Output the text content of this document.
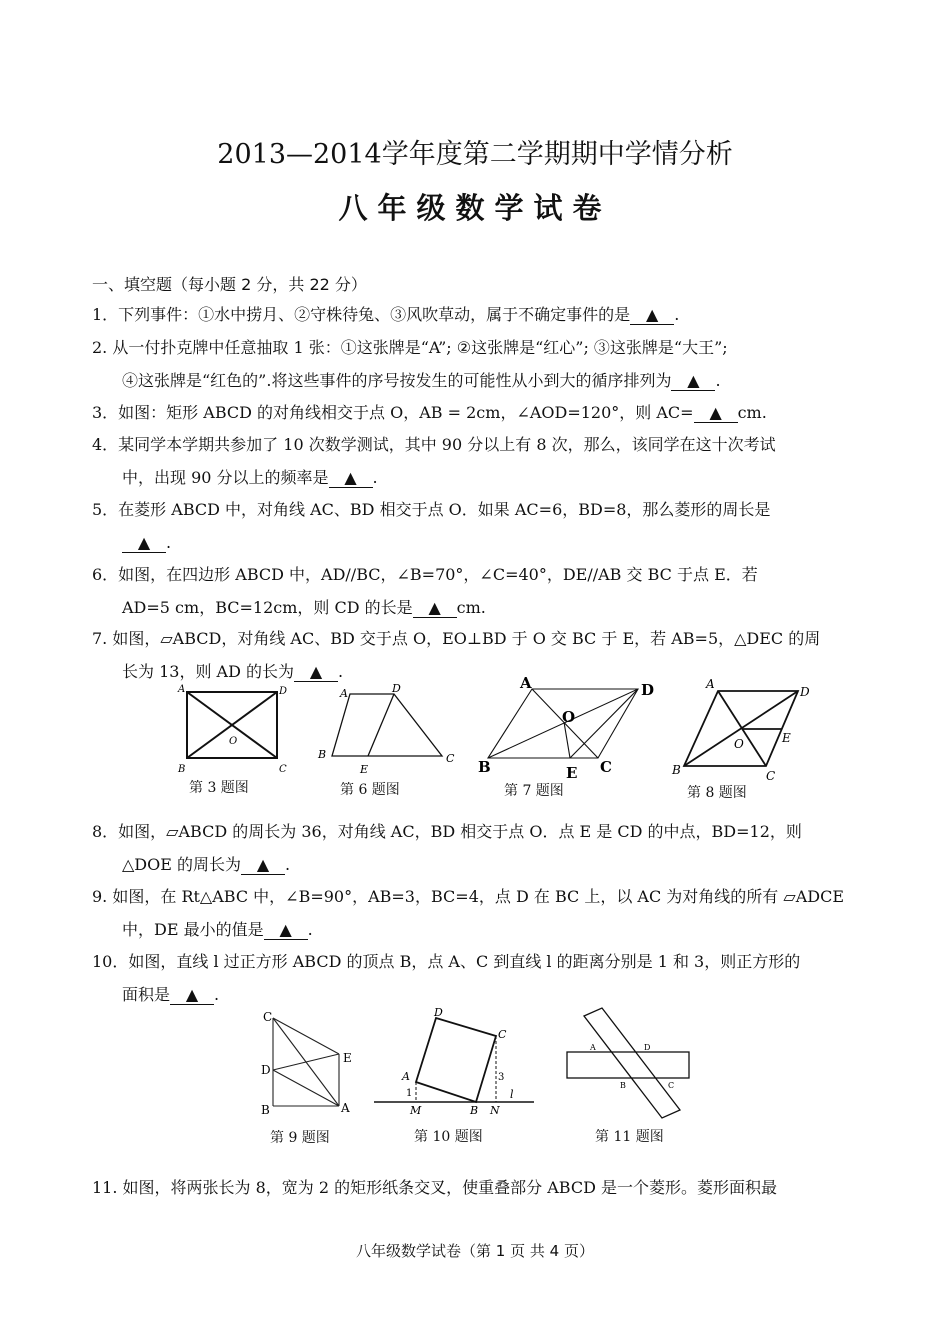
2013—2014学年度第二学期期中学情分析
八年级数学试卷
一、填空题（每小题 2 分，共 22 分）
1．下列事件：①水中捞月、②守株待兔、③风吹草动，属于不确定事件的是 ▲ .
2. 从一付扑克牌中任意抽取 1 张：①这张牌是“A”; ②这张牌是“红心”; ③这张牌是“大王”;
④这张牌是“红色的”.将这些事件的序号按发生的可能性从小到大的循序排列为 ▲ .
3．如图：矩形 ABCD 的对角线相交于点 O，AB = 2cm，∠AOD=120°，则 AC= ▲ cm.
4．某同学本学期共参加了 10 次数学测试，其中 90 分以上有 8 次，那么，该同学在这十次考试
中，出现 90 分以上的频率是 ▲ .
5．在菱形 ABCD 中，对角线 AC、BD 相交于点 O．如果 AC=6，BD=8，那么菱形的周长是
▲ .
6．如图，在四边形 ABCD 中，AD//BC，∠B=70°，∠C=40°，DE//AB 交 BC 于点 E．若
AD=5 cm，BC=12cm，则 CD 的长是 ▲ cm.
7. 如图，▱ABCD，对角线 AC、BD 交于点 O，EO⊥BD 于 O 交 BC 于 E，若 AB=5，△DEC 的周
长为 13，则 AD 的长为 ▲ .
A	D
O
B	C
第 3 题图
A	D
B
E
C
第 6 题图
A	D
O
B	E C
第 7 题图
A
D
O	E
B	C
第 8 题图
8．如图，▱ABCD 的周长为 36，对角线 AC，BD 相交于点 O．点 E 是 CD 的中点，BD=12，则
△DOE 的周长为 ▲ .
9. 如图，在 Rt△ABC 中，∠B=90°，AB=3，BC=4，点 D 在 BC 上，以 AC 为对角线的所有 ▱ADCE
中，DE 最小的值是 ▲ .
10．如图，直线 l 过正方形 ABCD 的顶点 B，点 A、C 到直线 l 的距离分别是 1 和 3，则正方形的
面积是 ▲ .
C
E
D
B	A
第 9 题图
D
C
A
1
3
l
M	B N
第 10 题图
A	D
B	C
第 11 题图
11. 如图，将两张长为 8，宽为 2 的矩形纸条交叉，使重叠部分 ABCD 是一个菱形。菱形面积最
八年级数学试卷（第 1 页 共 4 页）
